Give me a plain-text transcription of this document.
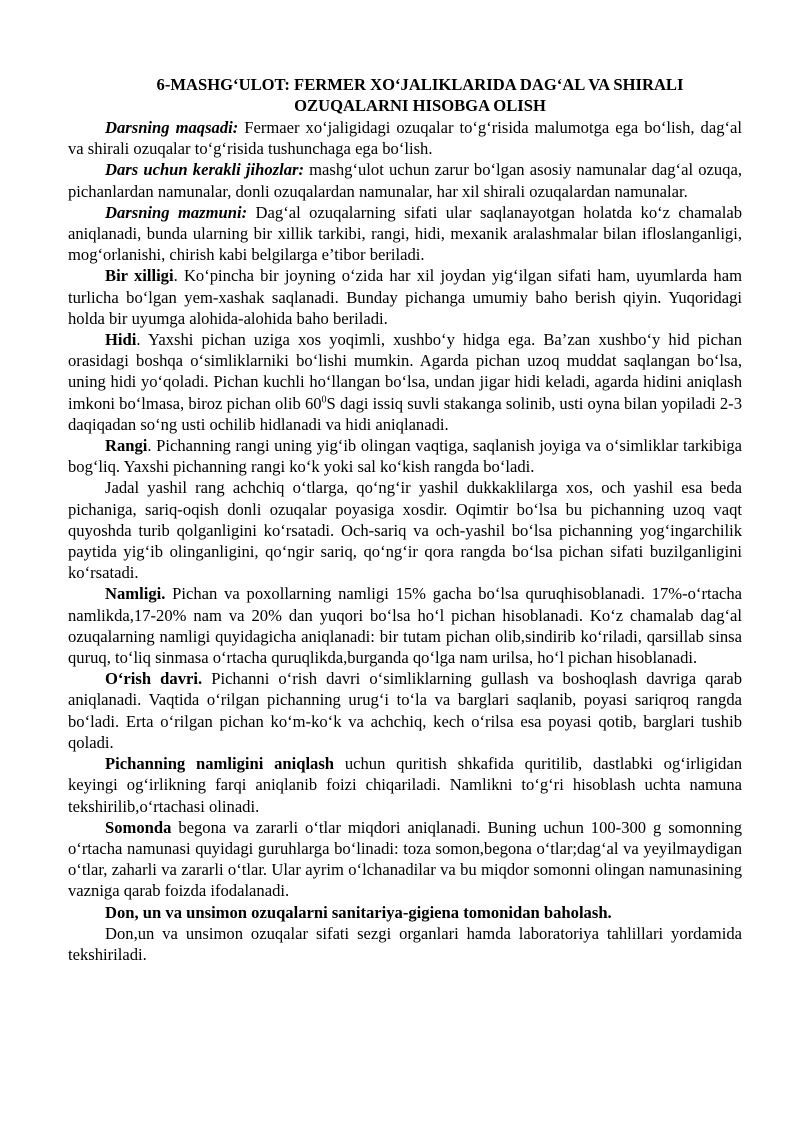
6-MASHG‘ULOT: FERMER XO‘JALIKLARIDA DAG‘AL VA SHIRALI
OZUQALARNI HISOBGA OLISH

Darsning maqsadi: Fermaer xo‘jaligidagi ozuqalar to‘g‘risida malumotga ega bo‘lish, dag‘al va shirali ozuqalar to‘g‘risida tushunchaga ega bo‘lish.

Dars uchun kerakli jihozlar: mashg‘ulot uchun zarur bo‘lgan asosiy namunalar dag‘al ozuqa, pichanlardan namunalar, donli ozuqalardan namunalar, har xil shirali ozuqalardan namunalar.

Darsning mazmuni: Dag‘al ozuqalarning sifati ular saqlanayotgan holatda ko‘z chamalab aniqlanadi, bunda ularning bir xillik tarkibi, rangi, hidi, mexanik aralashmalar bilan ifloslanganligi, mog‘orlanishi, chirish kabi belgilarga e’tibor beriladi.

Bir xilligi. Ko‘pincha bir joyning o‘zida har xil joydan yig‘ilgan sifati ham, uyumlarda ham turlicha bo‘lgan yem-xashak saqlanadi. Bunday pichanga umumiy baho berish qiyin. Yuqoridagi holda bir uyumga alohida-alohida baho beriladi.

Hidi. Yaxshi pichan uziga xos yoqimli, xushbo‘y hidga ega. Ba’zan xushbo‘y hid pichan orasidagi boshqa o‘simliklarniki bo‘lishi mumkin. Agarda pichan uzoq muddat saqlangan bo‘lsa, uning hidi yo‘qoladi. Pichan kuchli ho‘llangan bo‘lsa, undan jigar hidi keladi, agarda hidini aniqlash imkoni bo‘lmasa, biroz pichan olib $60^0S$ dagi issiq suvli stakanga solinib, usti oyna bilan yopiladi 2-3 daqiqadan so‘ng usti ochilib hidlanadi va hidi aniqlanadi.

Rangi. Pichanning rangi uning yig‘ib olingan vaqtiga, saqlanish joyiga va o‘simliklar tarkibiga bog‘liq. Yaxshi pichanning rangi ko‘k yoki sal ko‘kish rangda bo‘ladi.

Jadal yashil rang achchiq o‘tlarga, qo‘ng‘ir yashil dukkaklilarga xos, och yashil esa beda pichaniga, sariq-oqish donli ozuqalar poyasiga xosdir. Oqimtir bo‘lsa bu pichanning uzoq vaqt quyoshda turib qolganligini ko‘rsatadi. Och-sariq va och-yashil bo‘lsa pichanning yog‘ingarchilik paytida yig‘ib olinganligini, qo‘ngir sariq, qo‘ng‘ir qora rangda bo‘lsa pichan sifati buzilganligini ko‘rsatadi.

Namligi. Pichan va poxollarning namligi 15% gacha bo‘lsa quruqhisoblanadi. 17%-o‘rtacha namlikda,17-20% nam va 20% dan yuqori bo‘lsa ho‘l pichan hisoblanadi. Ko‘z chamalab dag‘al ozuqalarning namligi quyidagicha aniqlanadi: bir tutam pichan olib,sindirib ko‘riladi, qarsillab sinsa quruq, to‘liq sinmasa o‘rtacha quruqlikda,burganda qo‘lga nam urilsa, ho‘l pichan hisoblanadi.

O‘rish davri. Pichanni o‘rish davri o‘simliklarning gullash va boshoqlash davriga qarab aniqlanadi. Vaqtida o‘rilgan pichanning urug‘i to‘la va barglari saqlanib, poyasi sariqroq rangda bo‘ladi. Erta o‘rilgan pichan ko‘m-ko‘k va achchiq, kech o‘rilsa esa poyasi qotib, barglari tushib qoladi.

Pichanning namligini aniqlash uchun quritish shkafida quritilib, dastlabki og‘irligidan keyingi og‘irlikning farqi aniqlanib foizi chiqariladi. Namlikni to‘g‘ri hisoblash uchta namuna tekshirilib,o‘rtachasi olinadi.

Somonda begona va zararli o‘tlar miqdori aniqlanadi. Buning uchun 100-300 g somonning o‘rtacha namunasi quyidagi guruhlarga bo‘linadi: toza somon,begona o‘tlar;dag‘al va yeyilmaydigan o‘tlar, zaharli va zararli o‘tlar. Ular ayrim o‘lchanadilar va bu miqdor somonni olingan namunasining vazniga qarab foizda ifodalanadi.

Don, un va unsimon ozuqalarni sanitariya-gigiena tomonidan baholash.

Don,un va unsimon ozuqalar sifati sezgi organlari hamda laboratoriya tahlillari yordamida tekshiriladi.
